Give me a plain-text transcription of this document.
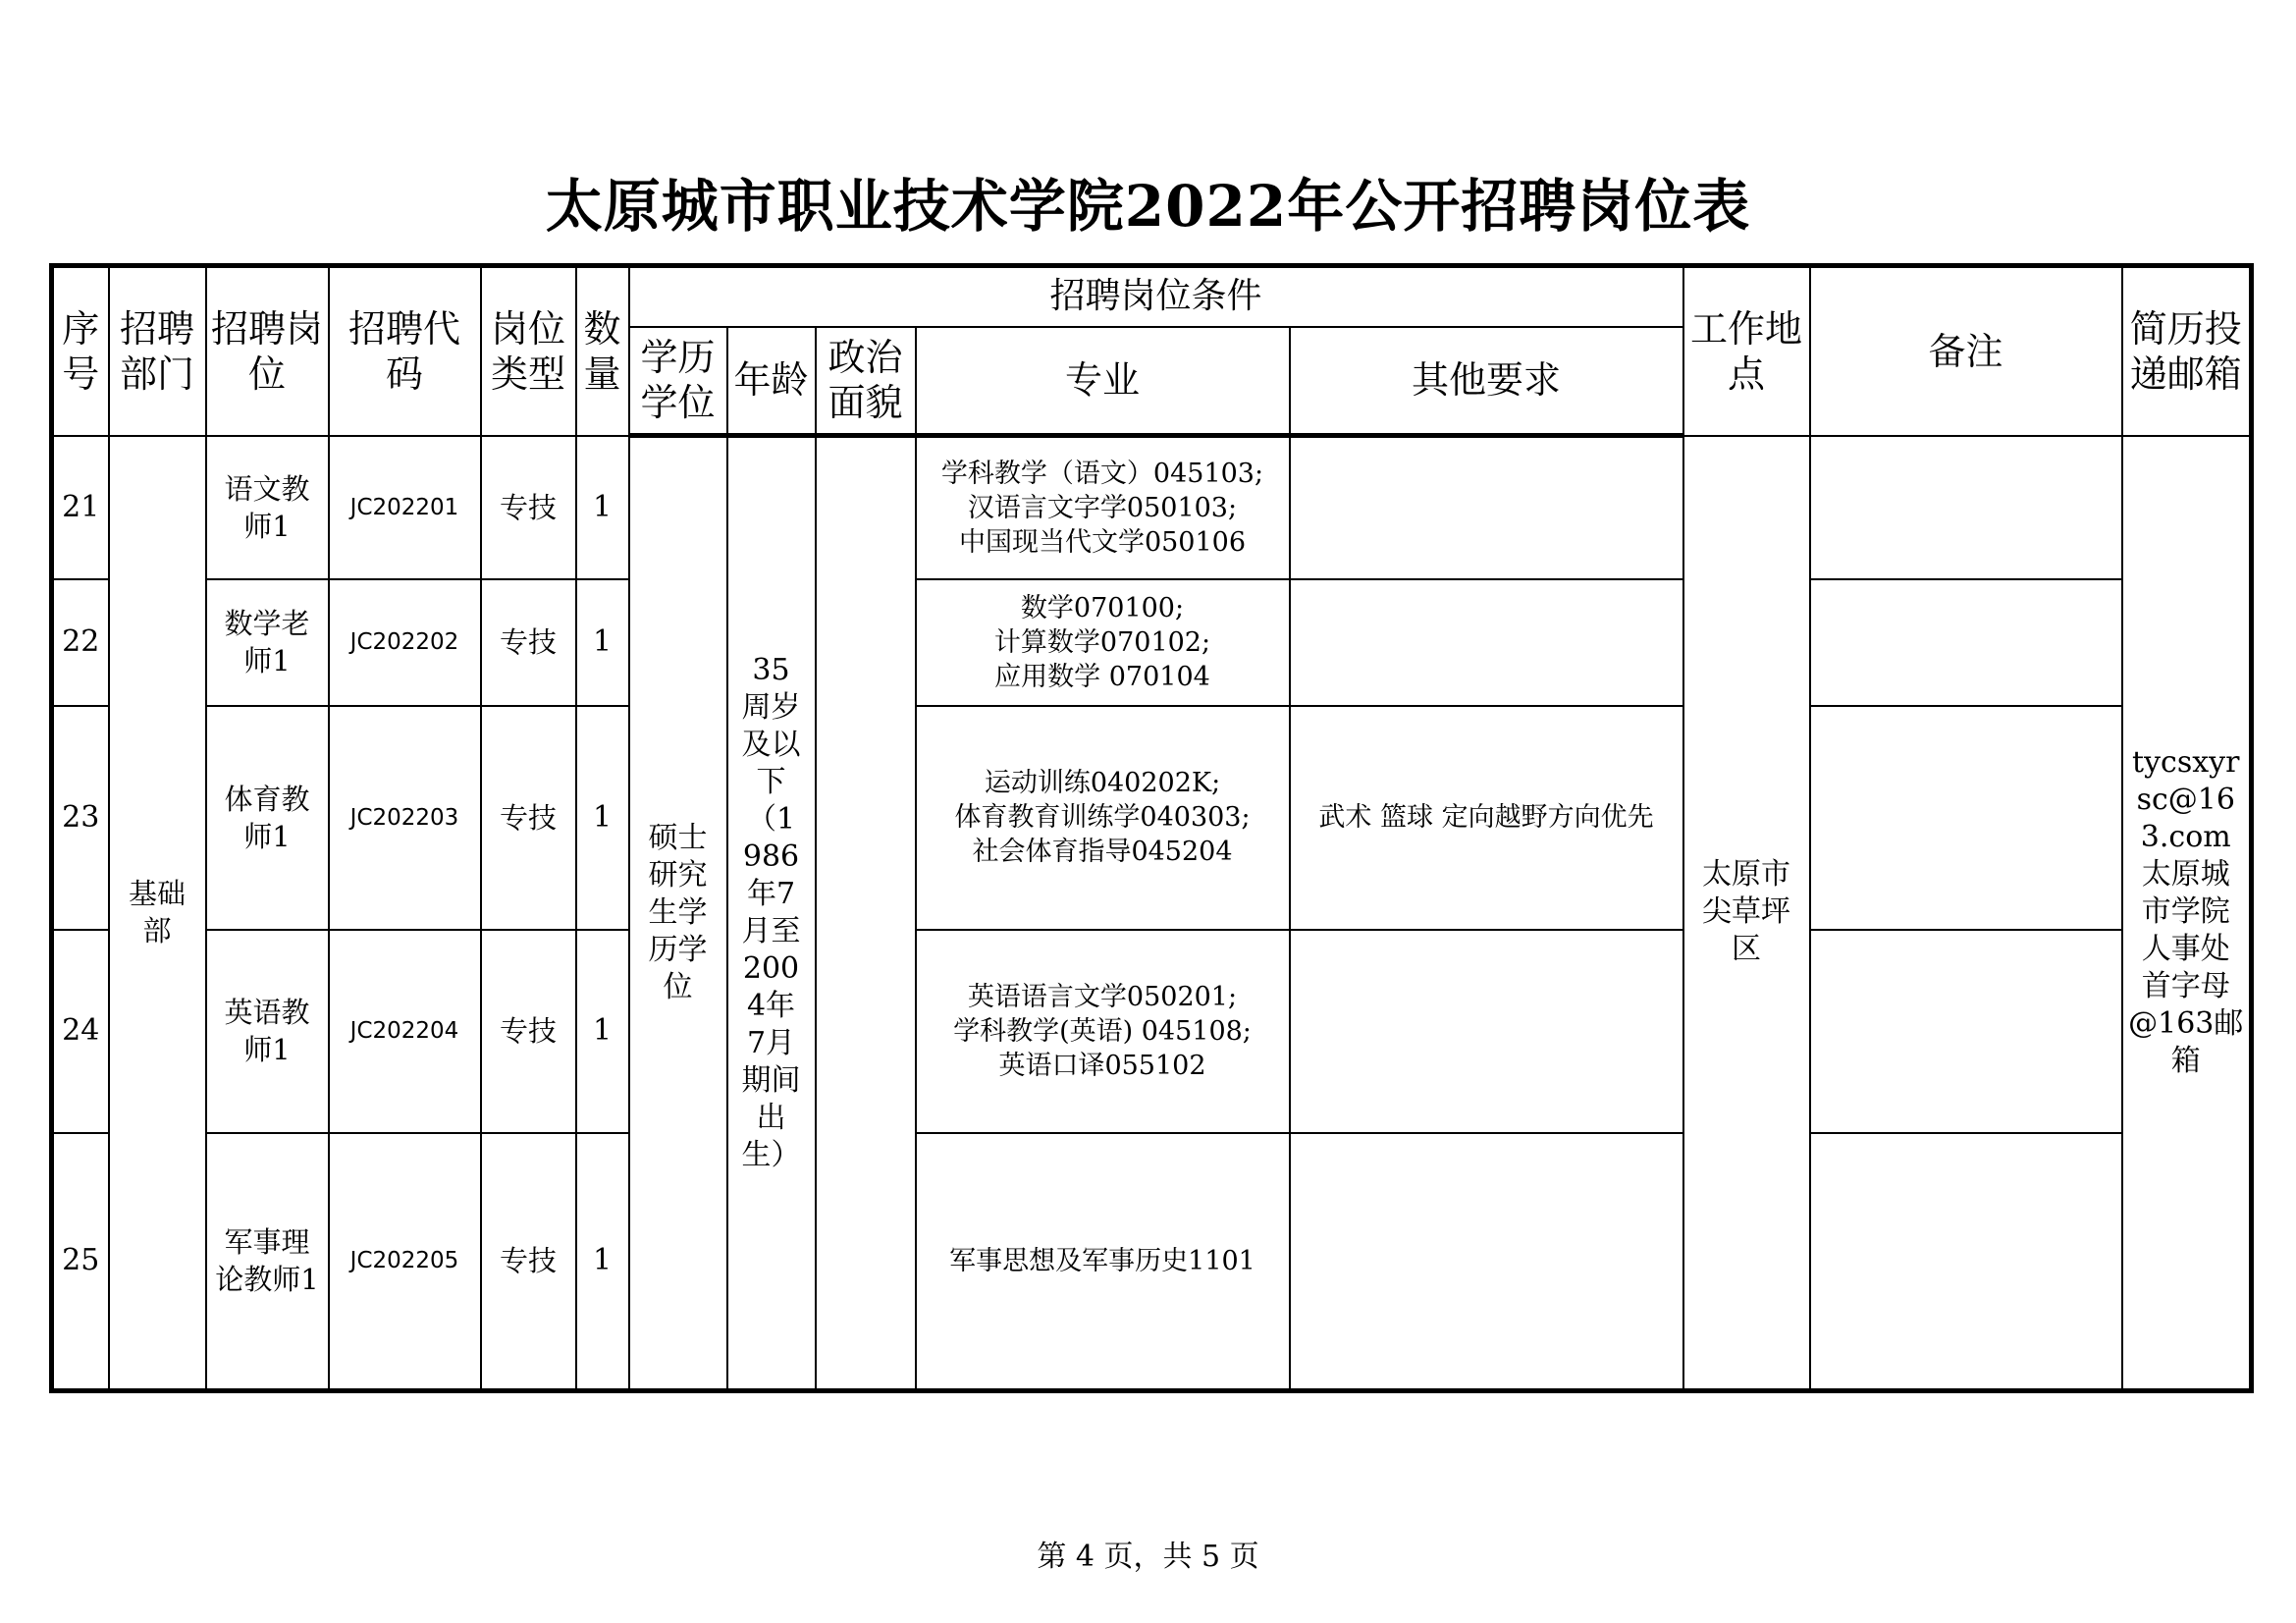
太原城市职业技术学院2022年公开招聘岗位表
序号	招聘部门	招聘岗位	招聘代码	岗位类型	数量	招聘岗位条件					工作地点	备注	简历投递邮箱
						学历学位	年龄	政治面貌	专业	其他要求			
21	基础部	语文教师1	JC202201	专技	1	硕士研究生学历学位	35周岁及以下（1986年7月至2004年7月期间出生）		学科教学（语文）045103;
汉语言文字学050103;
中国现当代文学050106		太原市尖草坪区		tycsxyrsc@163.com太原城市学院人事处首字母@163邮箱

22		数学老师1	JC202202	专技	1				数学070100;
计算数学070102;
应用数学 070104				

23		体育教师1	JC202203	专技	1				运动训练040202K;
体育教育训练学040303;
社会体育指导045204	武术 篮球 定向越野方向优先			
24		英语教师1	JC202204	专技	1				英语语言文学050201;
学科教学(英语) 045108;
英语口译055102				

25		军事理论教师1	JC202205	专技	1				军事思想及军事历史1101				

第 4 页，共 5 页
